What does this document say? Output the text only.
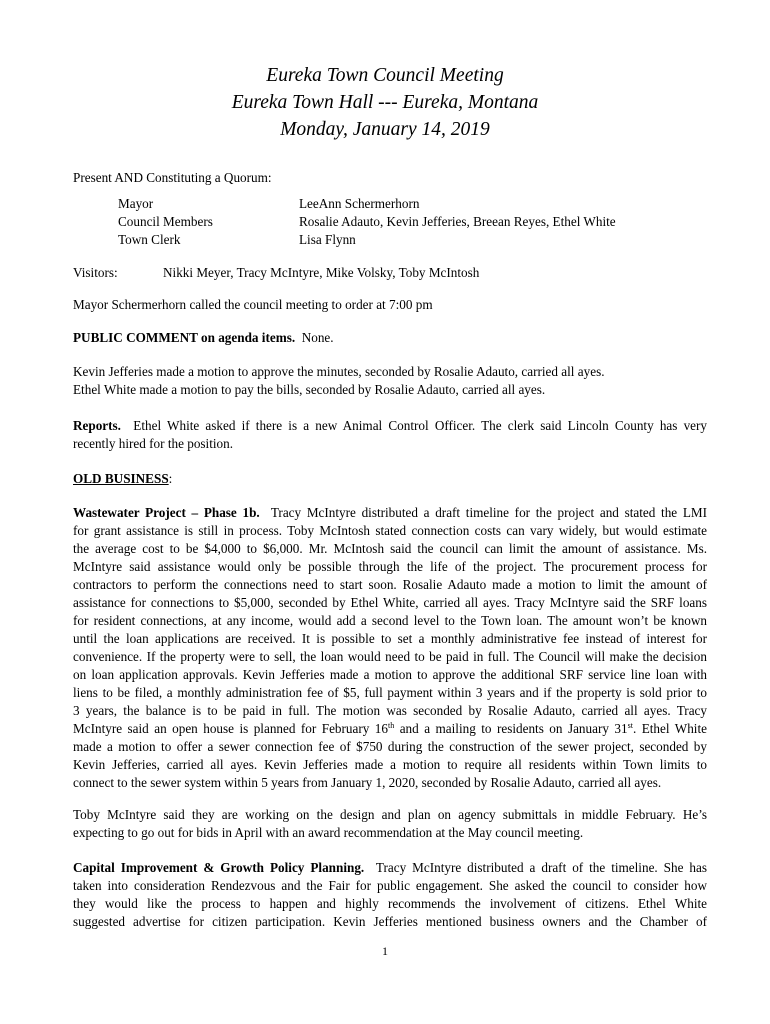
Eureka Town Council Meeting
Eureka Town Hall --- Eureka, Montana
Monday, January 14, 2019
Present AND Constituting a Quorum:
Mayor	LeeAnn Schermerhorn
Council Members	Rosalie Adauto, Kevin Jefferies, Breean Reyes, Ethel White
Town Clerk	Lisa Flynn
Visitors:	Nikki Meyer, Tracy McIntyre, Mike Volsky, Toby McIntosh
Mayor Schermerhorn called the council meeting to order at 7:00 pm
PUBLIC COMMENT on agenda items. None.
Kevin Jefferies made a motion to approve the minutes, seconded by Rosalie Adauto, carried all ayes.
Ethel White made a motion to pay the bills, seconded by Rosalie Adauto, carried all ayes.
Reports. Ethel White asked if there is a new Animal Control Officer. The clerk said Lincoln County has very
recently hired for the position.
OLD BUSINESS:
Wastewater Project – Phase 1b. Tracy McIntyre distributed a draft timeline for the project and stated the LMI
for grant assistance is still in process. Toby McIntosh stated connection costs can vary widely, but would estimate
the average cost to be $4,000 to $6,000. Mr. McIntosh said the council can limit the amount of assistance. Ms.
McIntyre said assistance would only be possible through the life of the project. The procurement process for
contractors to perform the connections need to start soon. Rosalie Adauto made a motion to limit the amount of
assistance for connections to $5,000, seconded by Ethel White, carried all ayes. Tracy McIntyre said the SRF loans
for resident connections, at any income, would add a second level to the Town loan. The amount won’t be known
until the loan applications are received. It is possible to set a monthly administrative fee instead of interest for
convenience. If the property were to sell, the loan would need to be paid in full. The Council will make the decision
on loan application approvals. Kevin Jefferies made a motion to approve the additional SRF service line loan with
liens to be filed, a monthly administration fee of $5, full payment within 3 years and if the property is sold prior to
3 years, the balance is to be paid in full. The motion was seconded by Rosalie Adauto, carried all ayes. Tracy
McIntyre said an open house is planned for February 16th and a mailing to residents on January 31st. Ethel White
made a motion to offer a sewer connection fee of $750 during the construction of the sewer project, seconded by
Kevin Jefferies, carried all ayes. Kevin Jefferies made a motion to require all residents within Town limits to
connect to the sewer system within 5 years from January 1, 2020, seconded by Rosalie Adauto, carried all ayes.
Toby McIntyre said they are working on the design and plan on agency submittals in middle February. He’s
expecting to go out for bids in April with an award recommendation at the May council meeting.
Capital Improvement & Growth Policy Planning. Tracy McIntyre distributed a draft of the timeline. She has
taken into consideration Rendezvous and the Fair for public engagement. She asked the council to consider how
they would like the process to happen and highly recommends the involvement of citizens. Ethel White
suggested advertise for citizen participation. Kevin Jefferies mentioned business owners and the Chamber of
1
